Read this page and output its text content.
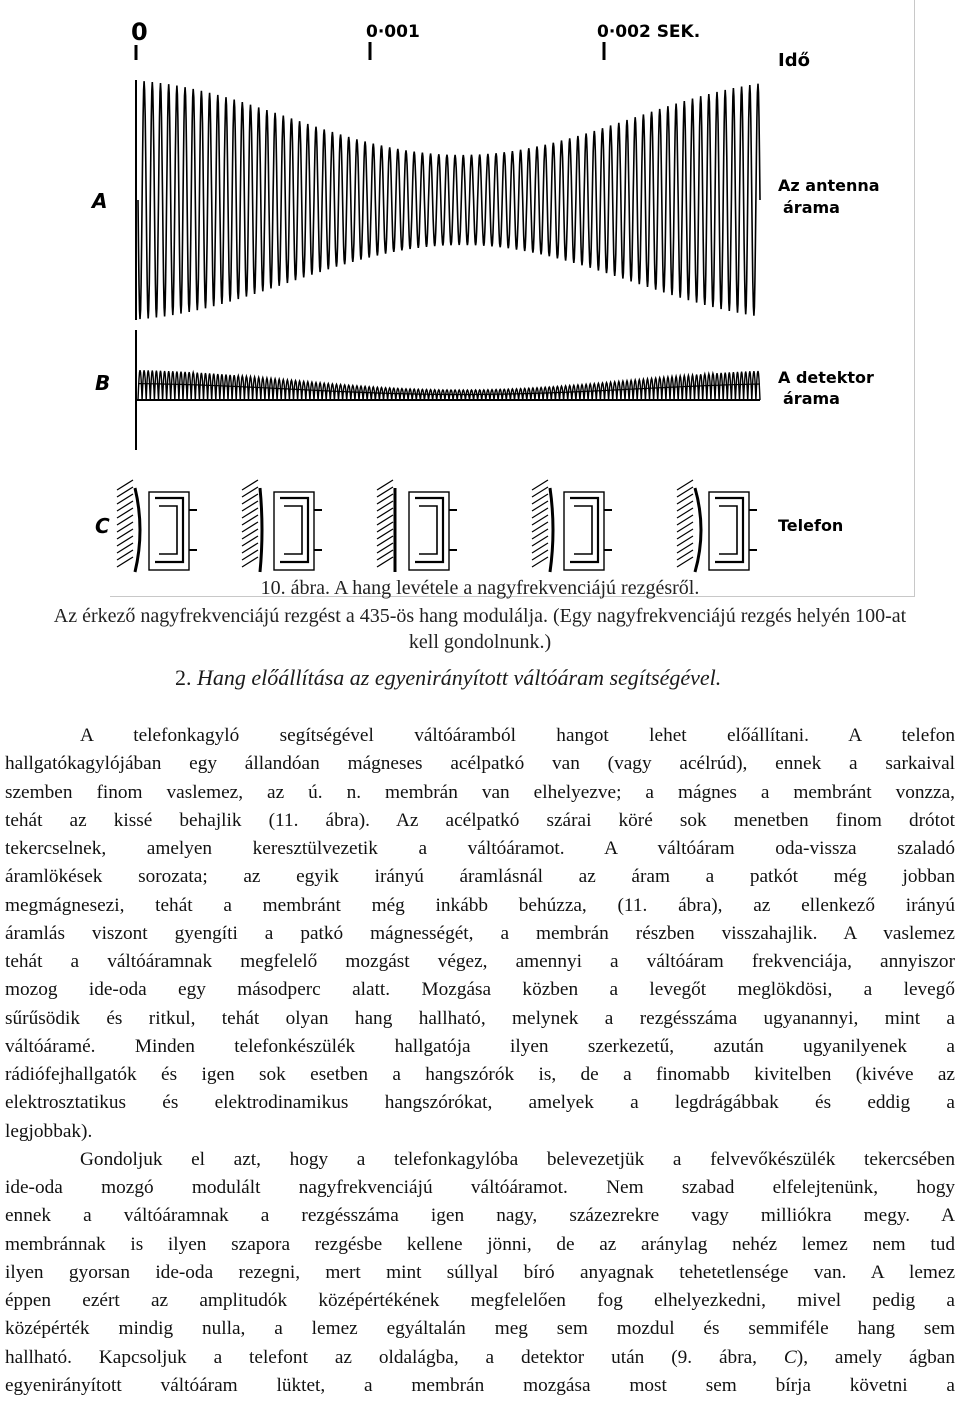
0	0·001	0·002 SEK.
Idő
A
Az antenna
árama
B	A detektor
árama
C	Telefon
10. ábra. A hang levétele a nagyfrekvenciájú rezgésről.
Az érkező nagyfrekvenciájú rezgést a 435-ös hang modulálja. (Egy nagyfrekvenciájú rezgés helyén 100-at
kell gondolnunk.)
2. Hang előállítása az egyenirányított váltóáram segítségével.

A telefonkagyló segítségével váltóáramból hangot lehet előállítani. A telefon
hallgatókagylójában egy állandóan mágneses acélpatkó van (vagy acélrúd), ennek a sarkaival
szemben finom vaslemez, az ú. n. membrán van elhelyezve; a mágnes a membránt vonzza,
tehát az kissé behajlik (11. ábra). Az acélpatkó szárai köré sok menetben finom drótot
tekercselnek, amelyen keresztülvezetik a váltóáramot. A váltóáram oda-vissza szaladó
áramlökések sorozata; az egyik irányú áramlásnál az áram a patkót még jobban
megmágnesezi, tehát a membránt még inkább behúzza, (11. ábra), az ellenkező irányú
áramlás viszont gyengíti a patkó mágnességét, a membrán részben visszahajlik. A vaslemez
tehát a váltóáramnak megfelelő mozgást végez, amennyi a váltóáram frekvenciája, annyiszor
mozog ide-oda egy másodperc alatt. Mozgása közben a levegőt meglökdösi, a levegő
sűrűsödik és ritkul, tehát olyan hang hallható, melynek a rezgésszáma ugyanannyi, mint a
váltóáramé. Minden telefonkészülék hallgatója ilyen szerkezetű, azután ugyanilyenek a
rádiófejhallgatók és igen sok esetben a hangszórók is, de a finomabb kivitelben (kivéve az
elektrosztatikus és elektrodinamikus hangszórókat, amelyek a legdrágábbak és eddig a
legjobbak).

Gondoljuk el azt, hogy a telefonkagylóba belevezetjük a felvevőkészülék tekercsében
ide-oda mozgó modulált nagyfrekvenciájú váltóáramot. Nem szabad elfelejtenünk, hogy
ennek a váltóáramnak a rezgésszáma igen nagy, százezrekre vagy milliókra megy. A
membránnak is ilyen szapora rezgésbe kellene jönni, de az aránylag nehéz lemez nem tud
ilyen gyorsan ide-oda rezegni, mert mint súllyal bíró anyagnak tehetetlensége van. A lemez
éppen ezért az amplitudók középértékének megfelelően fog elhelyezkedni, mivel pedig a
középérték mindig nulla, a lemez egyáltalán meg sem mozdul és semmiféle hang sem
hallható. Kapcsoljuk a telefont az oldalágba, a detektor után (9. ábra, C), amely ágban
egyenirányított váltóáram lüktet, a membrán mozgása most sem bírja követni a
